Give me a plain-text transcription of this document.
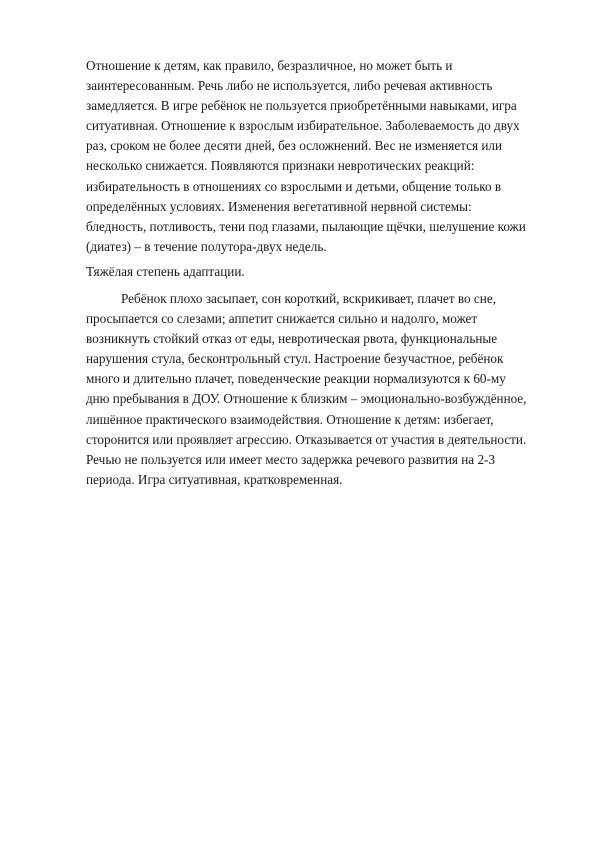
Отношение к детям, как правило, безразличное, но может быть и
заинтересованным. Речь либо не используется, либо речевая активность
замедляется. В игре ребёнок не пользуется приобретёнными навыками, игра
ситуативная. Отношение к взрослым избирательное. Заболеваемость до двух
раз, сроком не более десяти дней, без осложнений. Вес не изменяется или
несколько снижается. Появляются признаки невротических реакций:
избирательность в отношениях со взрослыми и детьми, общение только в
определённых условиях. Изменения вегетативной нервной системы:
бледность, потливость, тени под глазами, пылающие щёчки, шелушение кожи
(диатез) – в течение полутора-двух недель.
Тяжёлая степень адаптации.
Ребёнок плохо засыпает, сон короткий, вскрикивает, плачет во сне,
просыпается со слезами; аппетит снижается сильно и надолго, может
возникнуть стойкий отказ от еды, невротическая рвота, функциональные
нарушения стула, бесконтрольный стул. Настроение безучастное, ребёнок
много и длительно плачет, поведенческие реакции нормализуются к 60-му
дню пребывания в ДОУ. Отношение к близким – эмоционально-возбуждённое,
лишённое практического взаимодействия. Отношение к детям: избегает,
сторонится или проявляет агрессию. Отказывается от участия в деятельности.
Речью не пользуется или имеет место задержка речевого развития на 2-3
периода. Игра ситуативная, кратковременная.
